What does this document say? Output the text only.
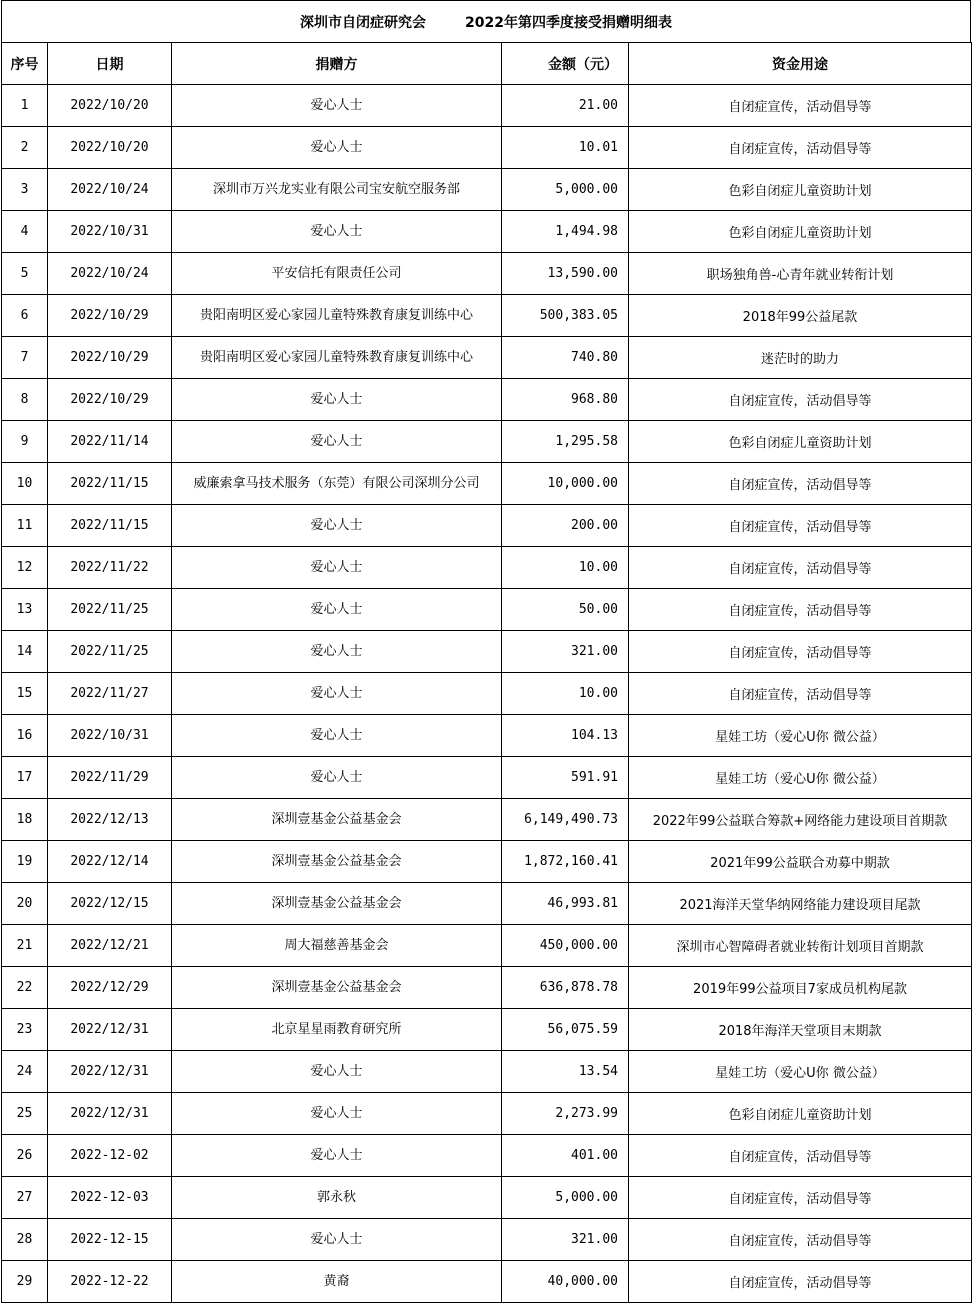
深圳市自闭症研究会        2022年第四季度接受捐赠明细表
序号	日期	捐赠方	金额（元）	资金用途
1	2022/10/20	爱心人士	21.00	自闭症宣传，活动倡导等
2	2022/10/20	爱心人士	10.01	自闭症宣传，活动倡导等
3	2022/10/24	深圳市万兴龙实业有限公司宝安航空服务部	5,000.00	色彩自闭症儿童资助计划
4	2022/10/31	爱心人士	1,494.98	色彩自闭症儿童资助计划
5	2022/10/24	平安信托有限责任公司	13,590.00	职场独角兽-心青年就业转衔计划
6	2022/10/29	贵阳南明区爱心家园儿童特殊教育康复训练中心	500,383.05	2018年99公益尾款
7	2022/10/29	贵阳南明区爱心家园儿童特殊教育康复训练中心	740.80	迷茫时的助力
8	2022/10/29	爱心人士	968.80	自闭症宣传，活动倡导等
9	2022/11/14	爱心人士	1,295.58	色彩自闭症儿童资助计划
10	2022/11/15	威廉索拿马技术服务（东莞）有限公司深圳分公司	10,000.00	自闭症宣传，活动倡导等
11	2022/11/15	爱心人士	200.00	自闭症宣传，活动倡导等
12	2022/11/22	爱心人士	10.00	自闭症宣传，活动倡导等
13	2022/11/25	爱心人士	50.00	自闭症宣传，活动倡导等
14	2022/11/25	爱心人士	321.00	自闭症宣传，活动倡导等
15	2022/11/27	爱心人士	10.00	自闭症宣传，活动倡导等
16	2022/10/31	爱心人士	104.13	星娃工坊（爱心U你 微公益）
17	2022/11/29	爱心人士	591.91	星娃工坊（爱心U你 微公益）
18	2022/12/13	深圳壹基金公益基金会	6,149,490.73	2022年99公益联合筹款+网络能力建设项目首期款
19	2022/12/14	深圳壹基金公益基金会	1,872,160.41	2021年99公益联合劝募中期款
20	2022/12/15	深圳壹基金公益基金会	46,993.81	2021海洋天堂华纳网络能力建设项目尾款
21	2022/12/21	周大福慈善基金会	450,000.00	深圳市心智障碍者就业转衔计划项目首期款
22	2022/12/29	深圳壹基金公益基金会	636,878.78	2019年99公益项目7家成员机构尾款
23	2022/12/31	北京星星雨教育研究所	56,075.59	2018年海洋天堂项目末期款
24	2022/12/31	爱心人士	13.54	星娃工坊（爱心U你 微公益）
25	2022/12/31	爱心人士	2,273.99	色彩自闭症儿童资助计划
26	2022-12-02	爱心人士	401.00	自闭症宣传，活动倡导等
27	2022-12-03	郭永秋	5,000.00	自闭症宣传，活动倡导等
28	2022-12-15	爱心人士	321.00	自闭症宣传，活动倡导等
29	2022-12-22	黄裔	40,000.00	自闭症宣传，活动倡导等
